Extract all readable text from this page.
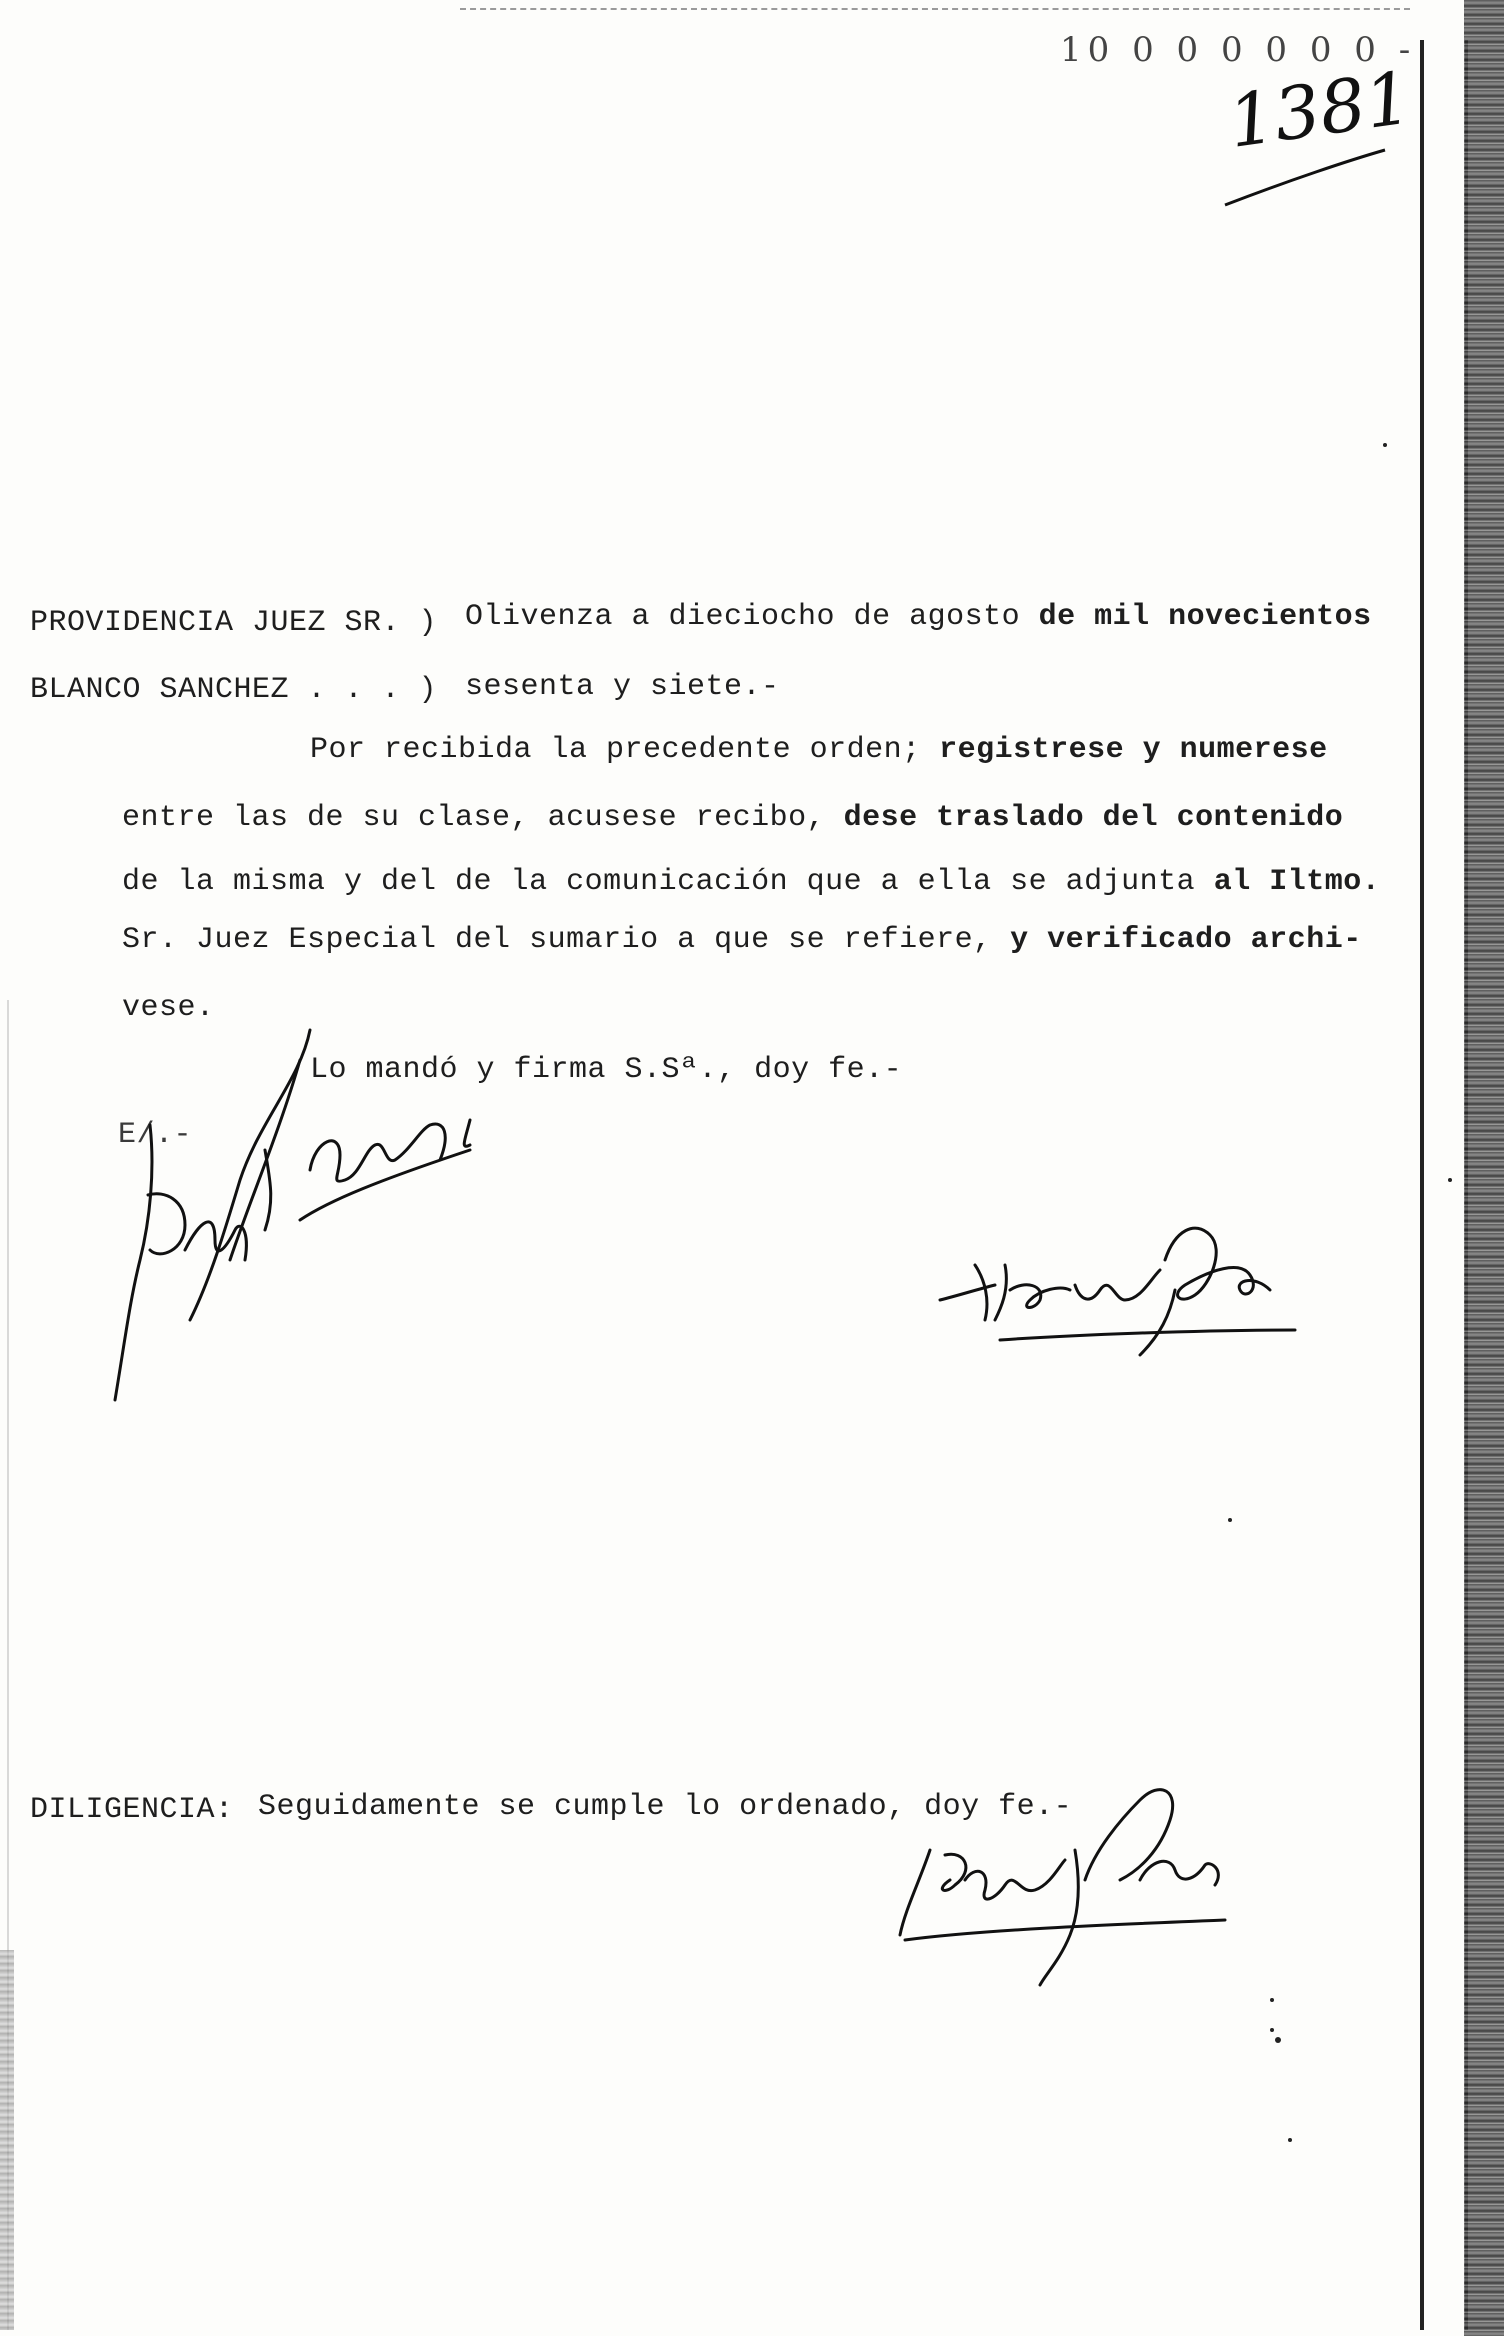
10 0 0 0 0 0 0 -
1381
PROVIDENCIA JUEZ SR. ) Olivenza a dieciocho de agosto de mil novecientos
BLANCO SANCHEZ . . . ) sesenta y siete.-
Por recibida la precedente orden; registrese y numerese
entre las de su clase, acusese recibo, dese traslado del contenido
de la misma y del de la comunicación que a ella se adjunta al Iltmo.
Sr. Juez Especial del sumario a que se refiere, y verificado archi-
vese.
Lo mandó y firma S.Sª., doy fe.-
E/.-
DILIGENCIA: Seguidamente se cumple lo ordenado, doy fe.-
